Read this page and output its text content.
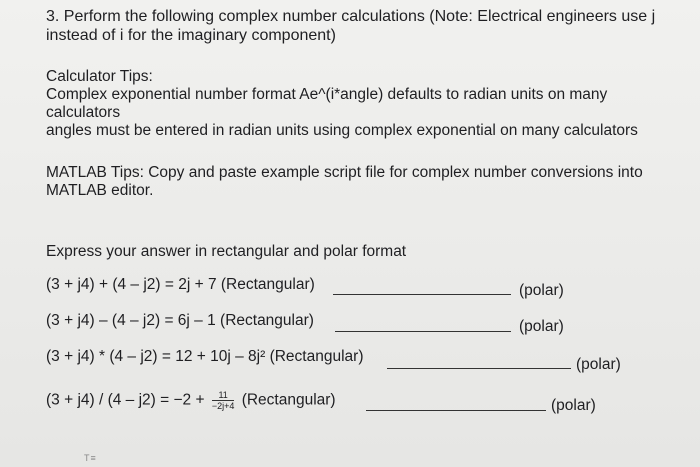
3. Perform the following complex number calculations (Note: Electrical engineers use j
instead of i for the imaginary component)
Calculator Tips:
Complex exponential number format Ae^(i*angle) defaults to radian units on many
calculators
angles must be entered in radian units using complex exponential on many calculators
MATLAB Tips: Copy and paste example script file for complex number conversions into
MATLAB editor.
Express your answer in rectangular and polar format
(3 + j4) + (4 – j2) = 2j + 7 (Rectangular)	(polar)
(3 + j4) – (4 – j2) = 6j – 1 (Rectangular)	(polar)
(3 + j4) * (4 – j2) = 12 + 10j – 8j² (Rectangular)	(polar)
$(3 + j4) / (4 - j2) = -2 + \frac{11}{-2j+4}$ (Rectangular)	(polar)
T≡
